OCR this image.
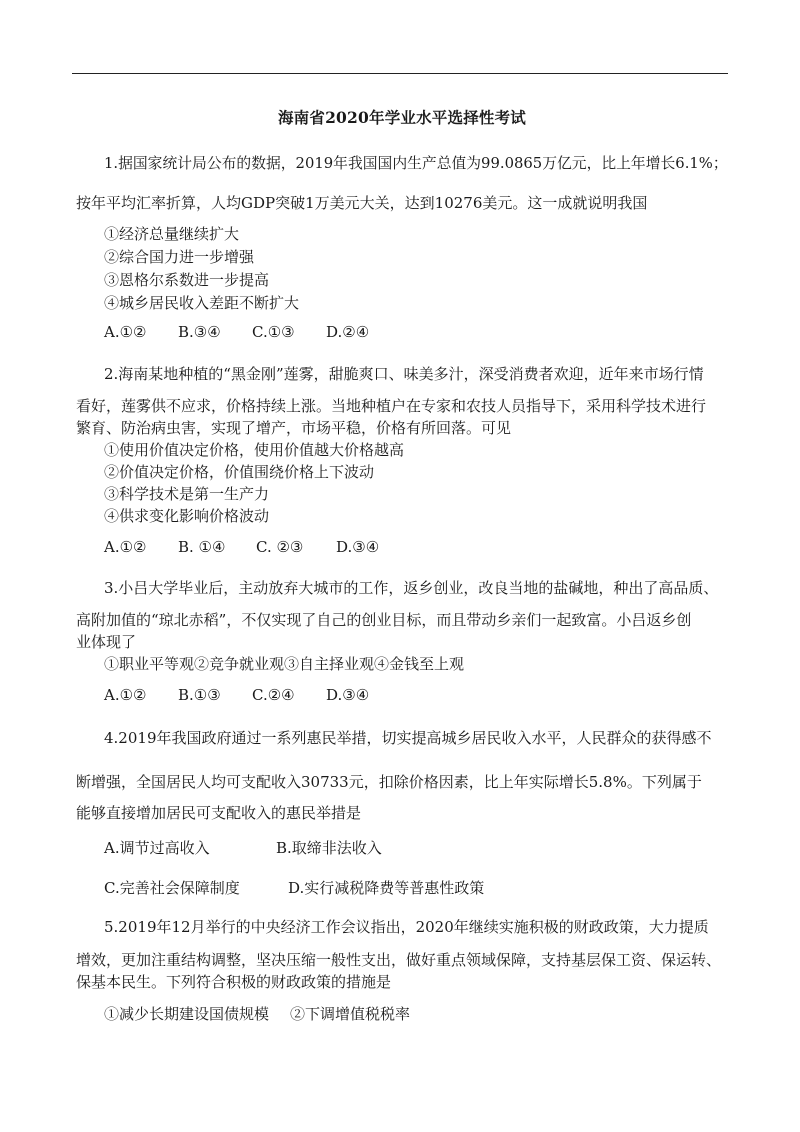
海南省2020年学业水平选择性考试
1.据国家统计局公布的数据，2019年我国国内生产总值为99.0865万亿元，比上年增长6.1%；
按年平均汇率折算，人均GDP突破1万美元大关，达到10276美元。这一成就说明我国
①经济总量继续扩大
②综合国力进一步增强
③恩格尔系数进一步提高
④城乡居民收入差距不断扩大
A.①② B.③④ C.①③ D.②④
2.海南某地种植的“黑金刚”莲雾，甜脆爽口、味美多汁，深受消费者欢迎，近年来市场行情
看好，莲雾供不应求，价格持续上涨。当地种植户在专家和农技人员指导下，采用科学技术进行
繁育、防治病虫害，实现了增产，市场平稳，价格有所回落。可见
①使用价值决定价格，使用价值越大价格越高
②价值决定价格，价值围绕价格上下波动
③科学技术是第一生产力
④供求变化影响价格波动
A.①② B. ①④ C. ②③ D.③④
3.小吕大学毕业后，主动放弃大城市的工作，返乡创业，改良当地的盐碱地，种出了高品质、
高附加值的“琼北赤稻”，不仅实现了自己的创业目标，而且带动乡亲们一起致富。小吕返乡创
业体现了
①职业平等观②竞争就业观③自主择业观④金钱至上观
A.①② B.①③ C.②④ D.③④
4.2019年我国政府通过一系列惠民举措，切实提高城乡居民收入水平，人民群众的获得感不
断增强，全国居民人均可支配收入30733元，扣除价格因素，比上年实际增长5.8%。下列属于
能够直接增加居民可支配收入的惠民举措是
A.调节过高收入	B.取缔非法收入
C.完善社会保障制度	D.实行减税降费等普惠性政策
5.2019年12月举行的中央经济工作会议指出，2020年继续实施积极的财政政策，大力提质
增效，更加注重结构调整，坚决压缩一般性支出，做好重点领域保障，支持基层保工资、保运转、
保基本民生。下列符合积极的财政政策的措施是
①减少长期建设国债规模 ②下调增值税税率
